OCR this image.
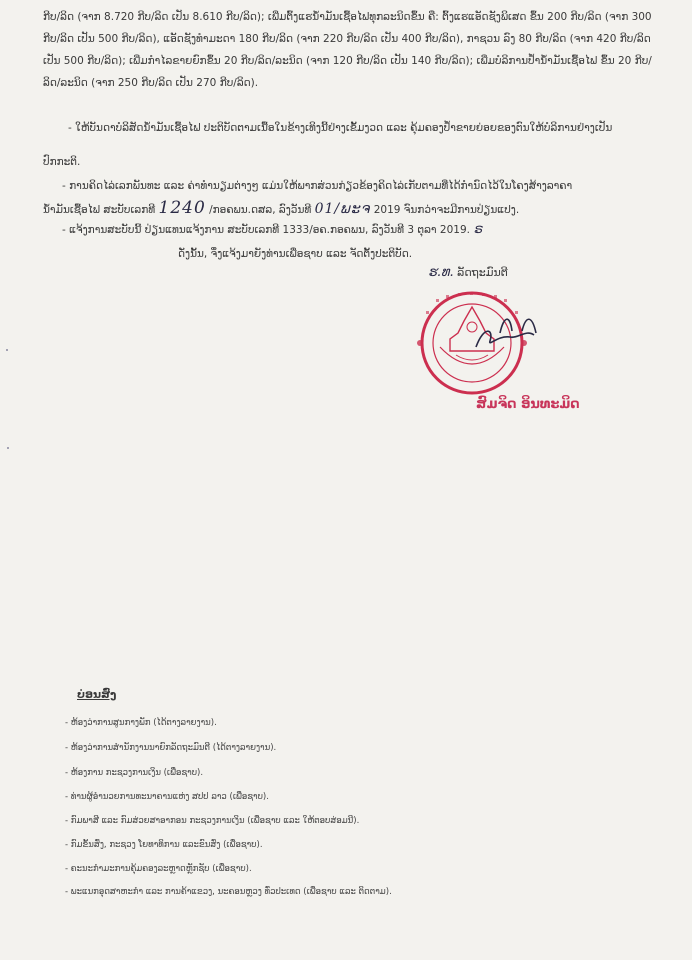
ກີບ/ລິດ (ຈາກ 8.720 ກີບ/ລິດ ເປັນ 8.610 ກີບ/ລິດ); ເພີ່ມຕົ້ງແຮນ້ຳມັນເຊື້ອໄຟທຸກລະນິດຂຶ້ນ ຄື: ຕົ້ງແຮແອັດຊັງພິເສດ ຂຶ້ນ 200 ກີບ/ລິດ (ຈາກ 300 ກີບ/ລິດ ເປັນ 500 ກີບ/ລິດ), ແອັດຊັງທຳມະດາ 180 ກີບ/ລິດ (ຈາກ 220 ກີບ/ລິດ ເປັນ 400 ກີບ/ລິດ), ກາຊວນ ລົງ 80 ກີບ/ລິດ (ຈາກ 420 ກີບ/ລິດ ເປັນ 500 ກີບ/ລິດ); ເພີ່ມກຳໄລຂາຍຍົກຂຶ້ນ 20 ກີບ/ລິດ/ລະນິດ (ຈາກ 120 ກີບ/ລິດ ເປັນ 140 ກີບ/ລິດ); ເພີ່ມບໍລິການປໍ້ານ້ຳມັນເຊື້ອໄຟ ຂຶ້ນ 20 ກີບ/ລິດ/ລະນິດ (ຈາກ 250 ກີບ/ລິດ ເປັນ 270 ກີບ/ລິດ).
- ໃຫ້ບັນດາບໍລິສັດນ້ຳມັນເຊື້ອໄຟ ປະຕິບັດຕາມເນື້ອໃນຂ້າງເທິງນີ້ຢ່າງເຂັ້ມງວດ ແລະ ຄຸ້ມຄອງປ້ຳຂາຍຍ່ອຍຂອງຕົນໃຫ້ບໍລິການຢ່າງເປັນ
ປົກກະຕິ.
- ການຄິດໄລ່ເລກພັນທະ ແລະ ຄ່າທຳນຽມຕ່າງໆ ແມ່ນໃຫ້ພາກສ່ວນກ່ຽວຂ້ອງຄິດໄລ່ເກັບຕາມທີ່ໄດ້ກຳນົດໄວ້ໃນໂຄງສ້າງລາຄາ
ນ້ຳມັນເຊື້ອໄຟ ສະບັບເລກທີ 1240 /ກອຄພນ.ດສລ, ລົງວັນທີ 01/ພະຈ 2019 ຈົນກວ່າຈະມີການປ່ຽນແປງ.
- ແຈ້ງການສະບັບນີ້ ປ່ຽນແທນແຈ້ງການ ສະບັບເລກທີ 1333/ອຄ.ກອຄພນ, ລົງວັນທີ 3 ຕຸລາ 2019. ຣ
ດັ່ງນັ້ນ, ຈຶ່ງແຈ້ງມາຍັງທ່ານເພື່ອຊາບ ແລະ ຈັດຕັ້ງປະຕິບັດ.
ຮ.ທ. ລັດຖະມົນຕີ
ສົມຈິດ ອິນທະມິດ
ບ່ອນສົ່ງ
- ຫ້ອງວ່າການສູນກາງພັກ (ໄດ້ຕາງລາຍງານ).
- ຫ້ອງວ່າການສຳນັກງານນາຍົກລັດຖະມົນຕີ (ໄດ້ຕາງລາຍງານ).
- ຫ້ອງການ ກະຊວງການເງິນ (ເພື່ອຊາບ).
- ທ່ານຜູ້ອຳນວຍການທະນາຄານແຫ່ງ ສປປ ລາວ (ເພື່ອຊາບ).
- ກົມພາສີ ແລະ ກົມສ່ວຍສາອາກອນ ກະຊວງການເງິນ (ເພື່ອຊາບ ແລະ ໃຫ້ຕອບສ່ອມນີ).
- ກົມຂັ້ນສົ່ງ, ກະຊວງ ໂຍທາທິການ ແລະຂົນສົ່ງ (ເພື່ອຊາບ).
- ຄະນະກຳມະການຄຸ້ມຄອງລະຫຼາດຫຼັກຊັບ (ເພື່ອຊາບ).
- ພະແນກອຸດສາຫະກຳ ແລະ ການຄ້າແຂວງ, ນະຄອນຫຼວງ ທົ່ວປະເທດ (ເພື່ອຊາບ ແລະ ຕິດຕາມ).
